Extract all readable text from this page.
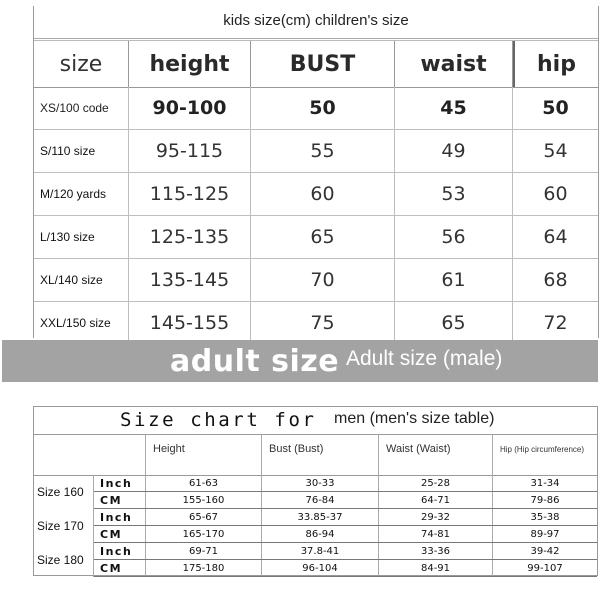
kids size(cm) children's size
size	height	BUST	waist	hip
XS/100 code	90-100	50	45	50
S/110 size	95-115	55	49	54
M/120 yards	115-125	60	53	60
L/130 size	125-135	65	56	64
XL/140 size	135-145	70	61	68
XXL/150 size	145-155	75	65	72
adult size Adult size (male)
Size chart for men (men's size table)
Height	Bust (Bust)	Waist (Waist)	Hip (Hip circumference)
Size 160
Inch	61-63	30-33	25-28	31-34
CM	155-160	76-84	64-71	79-86
Size 170
Inch	65-67	33.85-37	29-32	35-38
CM	165-170	86-94	74-81	89-97
Size 180
Inch	69-71	37.8-41	33-36	39-42
CM	175-180	96-104	84-91	99-107
